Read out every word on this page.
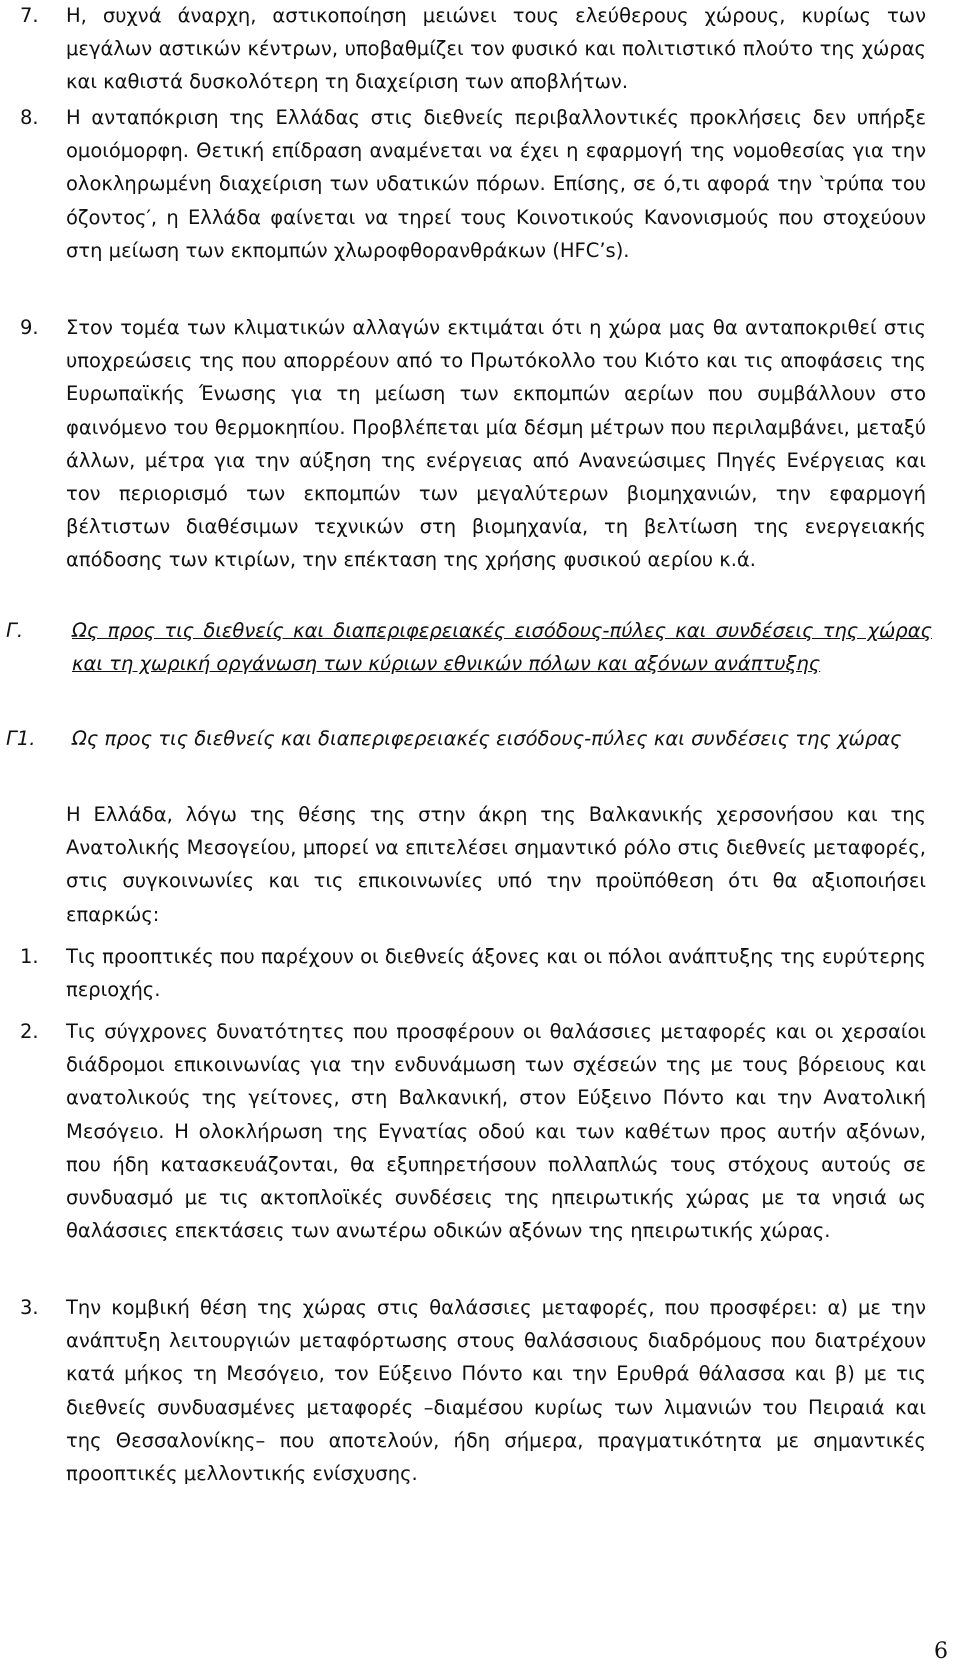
7. Η, συχνά άναρχη, αστικοποίηση μειώνει τους ελεύθερους χώρους, κυρίως των μεγάλων αστικών κέντρων, υποβαθμίζει τον φυσικό και πολιτιστικό πλούτο της χώρας και καθιστά δυσκολότερη τη διαχείριση των αποβλήτων.
8. Η ανταπόκριση της Ελλάδας στις διεθνείς περιβαλλοντικές προκλήσεις δεν υπήρξε ομοιόμορφη. Θετική επίδραση αναμένεται να έχει η εφαρμογή της νομοθεσίας για την ολοκληρωμένη διαχείριση των υδατικών πόρων. Επίσης, σε ό,τι αφορά την ‵τρύπα του όζοντος′, η Ελλάδα φαίνεται να τηρεί τους Κοινοτικούς Κανονισμούς που στοχεύουν στη μείωση των εκπομπών χλωροφθορανθράκων (HFC’s).
9. Στον τομέα των κλιματικών αλλαγών εκτιμάται ότι η χώρα μας θα ανταποκριθεί στις υποχρεώσεις της που απορρέουν από το Πρωτόκολλο του Κιότο και τις αποφάσεις της Ευρωπαϊκής Ένωσης για τη μείωση των εκπομπών αερίων που συμβάλλουν στο φαινόμενο του θερμοκηπίου. Προβλέπεται μία δέσμη μέτρων που περιλαμβάνει, μεταξύ άλλων, μέτρα για την αύξηση της ενέργειας από Ανανεώσιμες Πηγές Ενέργειας και τον περιορισμό των εκπομπών των μεγαλύτερων βιομηχανιών, την εφαρμογή βέλτιστων διαθέσιμων τεχνικών στη βιομηχανία, τη βελτίωση της ενεργειακής απόδοσης των κτιρίων, την επέκταση της χρήσης φυσικού αερίου κ.ά.
Γ.	Ως προς τις διεθνείς και διαπεριφερειακές εισόδους-πύλες και συνδέσεις της χώρας και τη χωρική οργάνωση των κύριων εθνικών πόλων και αξόνων ανάπτυξης
Γ1. Ως προς τις διεθνείς και διαπεριφερειακές εισόδους-πύλες και συνδέσεις της χώρας
Η Ελλάδα, λόγω της θέσης της στην άκρη της Βαλκανικής χερσονήσου και της Ανατολικής Μεσογείου, μπορεί να επιτελέσει σημαντικό ρόλο στις διεθνείς μεταφορές, στις συγκοινωνίες και τις επικοινωνίες υπό την προϋπόθεση ότι θα αξιοποιήσει επαρκώς:
1. Τις προοπτικές που παρέχουν οι διεθνείς άξονες και οι πόλοι ανάπτυξης της ευρύτερης περιοχής.
2. Τις σύγχρονες δυνατότητες που προσφέρουν οι θαλάσσιες μεταφορές και οι χερσαίοι διάδρομοι επικοινωνίας για την ενδυνάμωση των σχέσεών της με τους βόρειους και ανατολικούς της γείτονες, στη Βαλκανική, στον Εύξεινο Πόντο και την Ανατολική Μεσόγειο. Η ολοκλήρωση της Εγνατίας οδού και των καθέτων προς αυτήν αξόνων, που ήδη κατασκευάζονται, θα εξυπηρετήσουν πολλαπλώς τους στόχους αυτούς σε συνδυασμό με τις ακτοπλοϊκές συνδέσεις της ηπειρωτικής χώρας με τα νησιά ως θαλάσσιες επεκτάσεις των ανωτέρω οδικών αξόνων της ηπειρωτικής χώρας.
3. Την κομβική θέση της χώρας στις θαλάσσιες μεταφορές, που προσφέρει: α) με την ανάπτυξη λειτουργιών μεταφόρτωσης στους θαλάσσιους διαδρόμους που διατρέχουν κατά μήκος τη Μεσόγειο, τον Εύξεινο Πόντο και την Ερυθρά θάλασσα και β) με τις διεθνείς συνδυασμένες μεταφορές –διαμέσου κυρίως των λιμανιών του Πειραιά και της Θεσσαλονίκης– που αποτελούν, ήδη σήμερα, πραγματικότητα με σημαντικές προοπτικές μελλοντικής ενίσχυσης.
6
